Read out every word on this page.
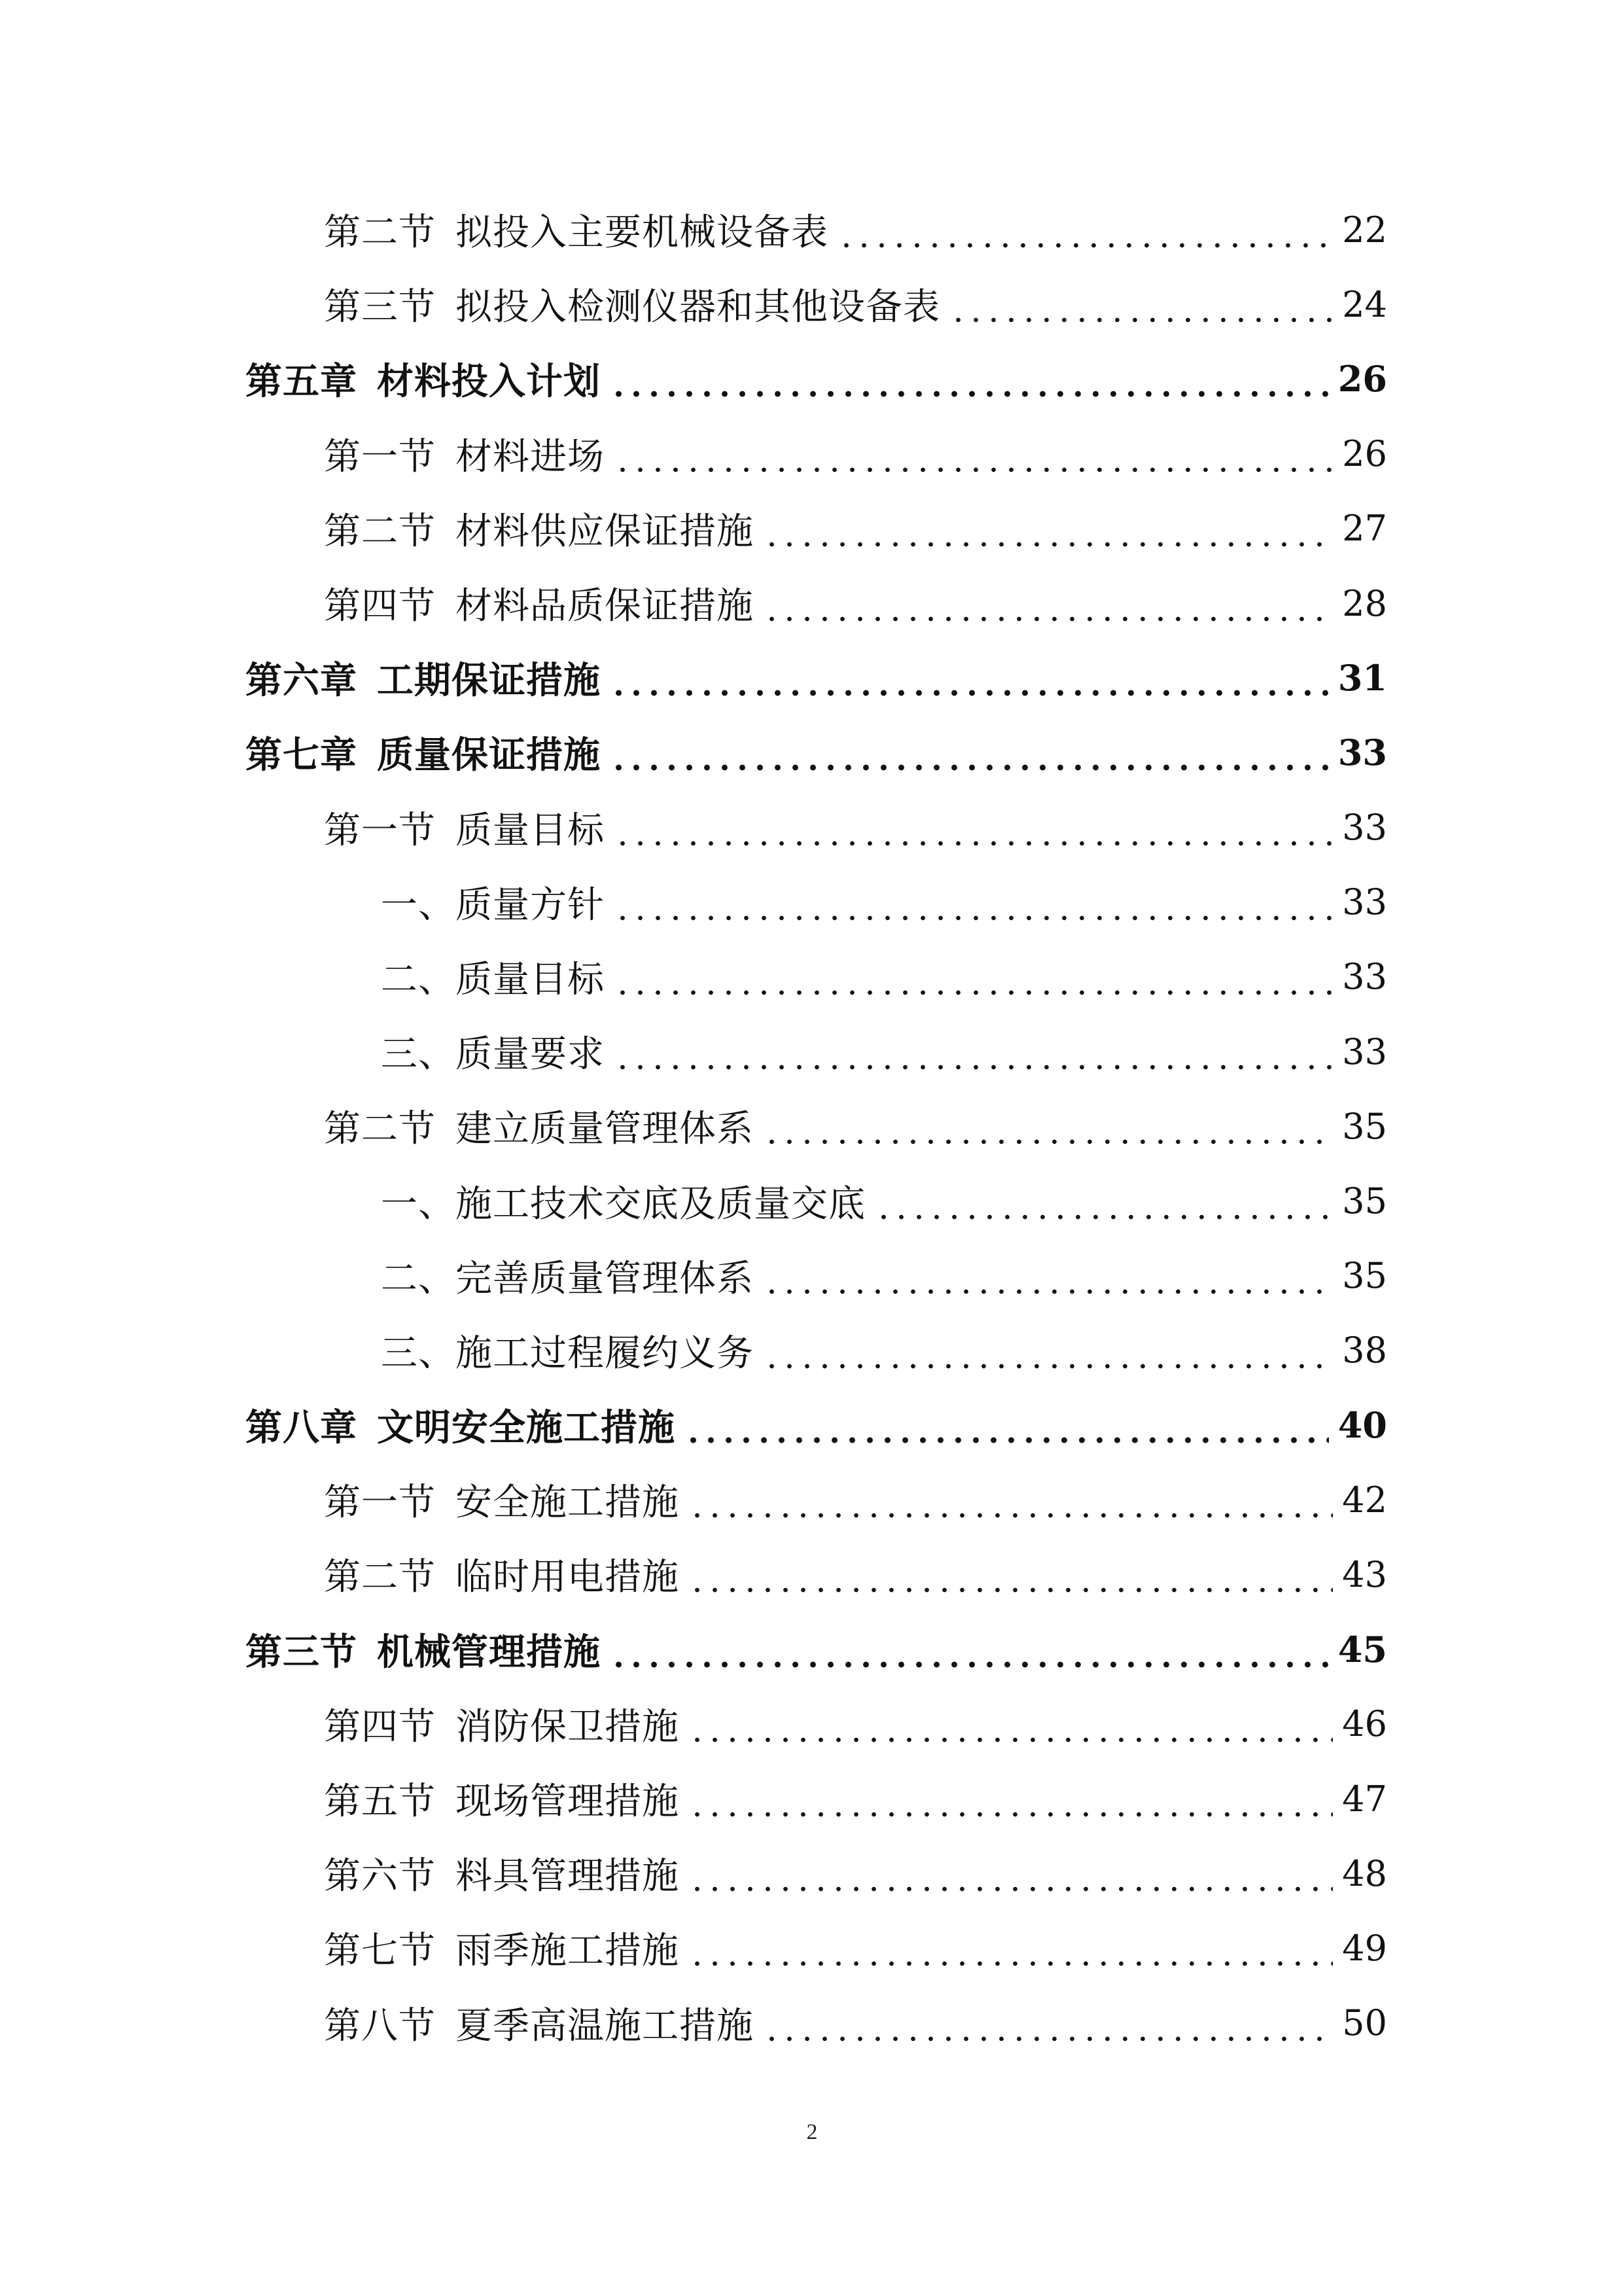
第二节 拟投入主要机械设备表	22
第三节 拟投入检测仪器和其他设备表	24
第五章 材料投入计划	26
第一节 材料进场	26
第二节 材料供应保证措施	27
第四节 材料品质保证措施	28
第六章 工期保证措施	31
第七章 质量保证措施	33
第一节 质量目标	33
一、质量方针	33
二、质量目标	33
三、质量要求	33
第二节 建立质量管理体系	35
一、施工技术交底及质量交底	35
二、完善质量管理体系	35
三、施工过程履约义务	38
第八章 文明安全施工措施	40
第一节 安全施工措施	42
第二节 临时用电措施	43
第三节 机械管理措施	45
第四节 消防保卫措施	46
第五节 现场管理措施	47
第六节 料具管理措施	48
第七节 雨季施工措施	49
第八节 夏季高温施工措施	50
2
